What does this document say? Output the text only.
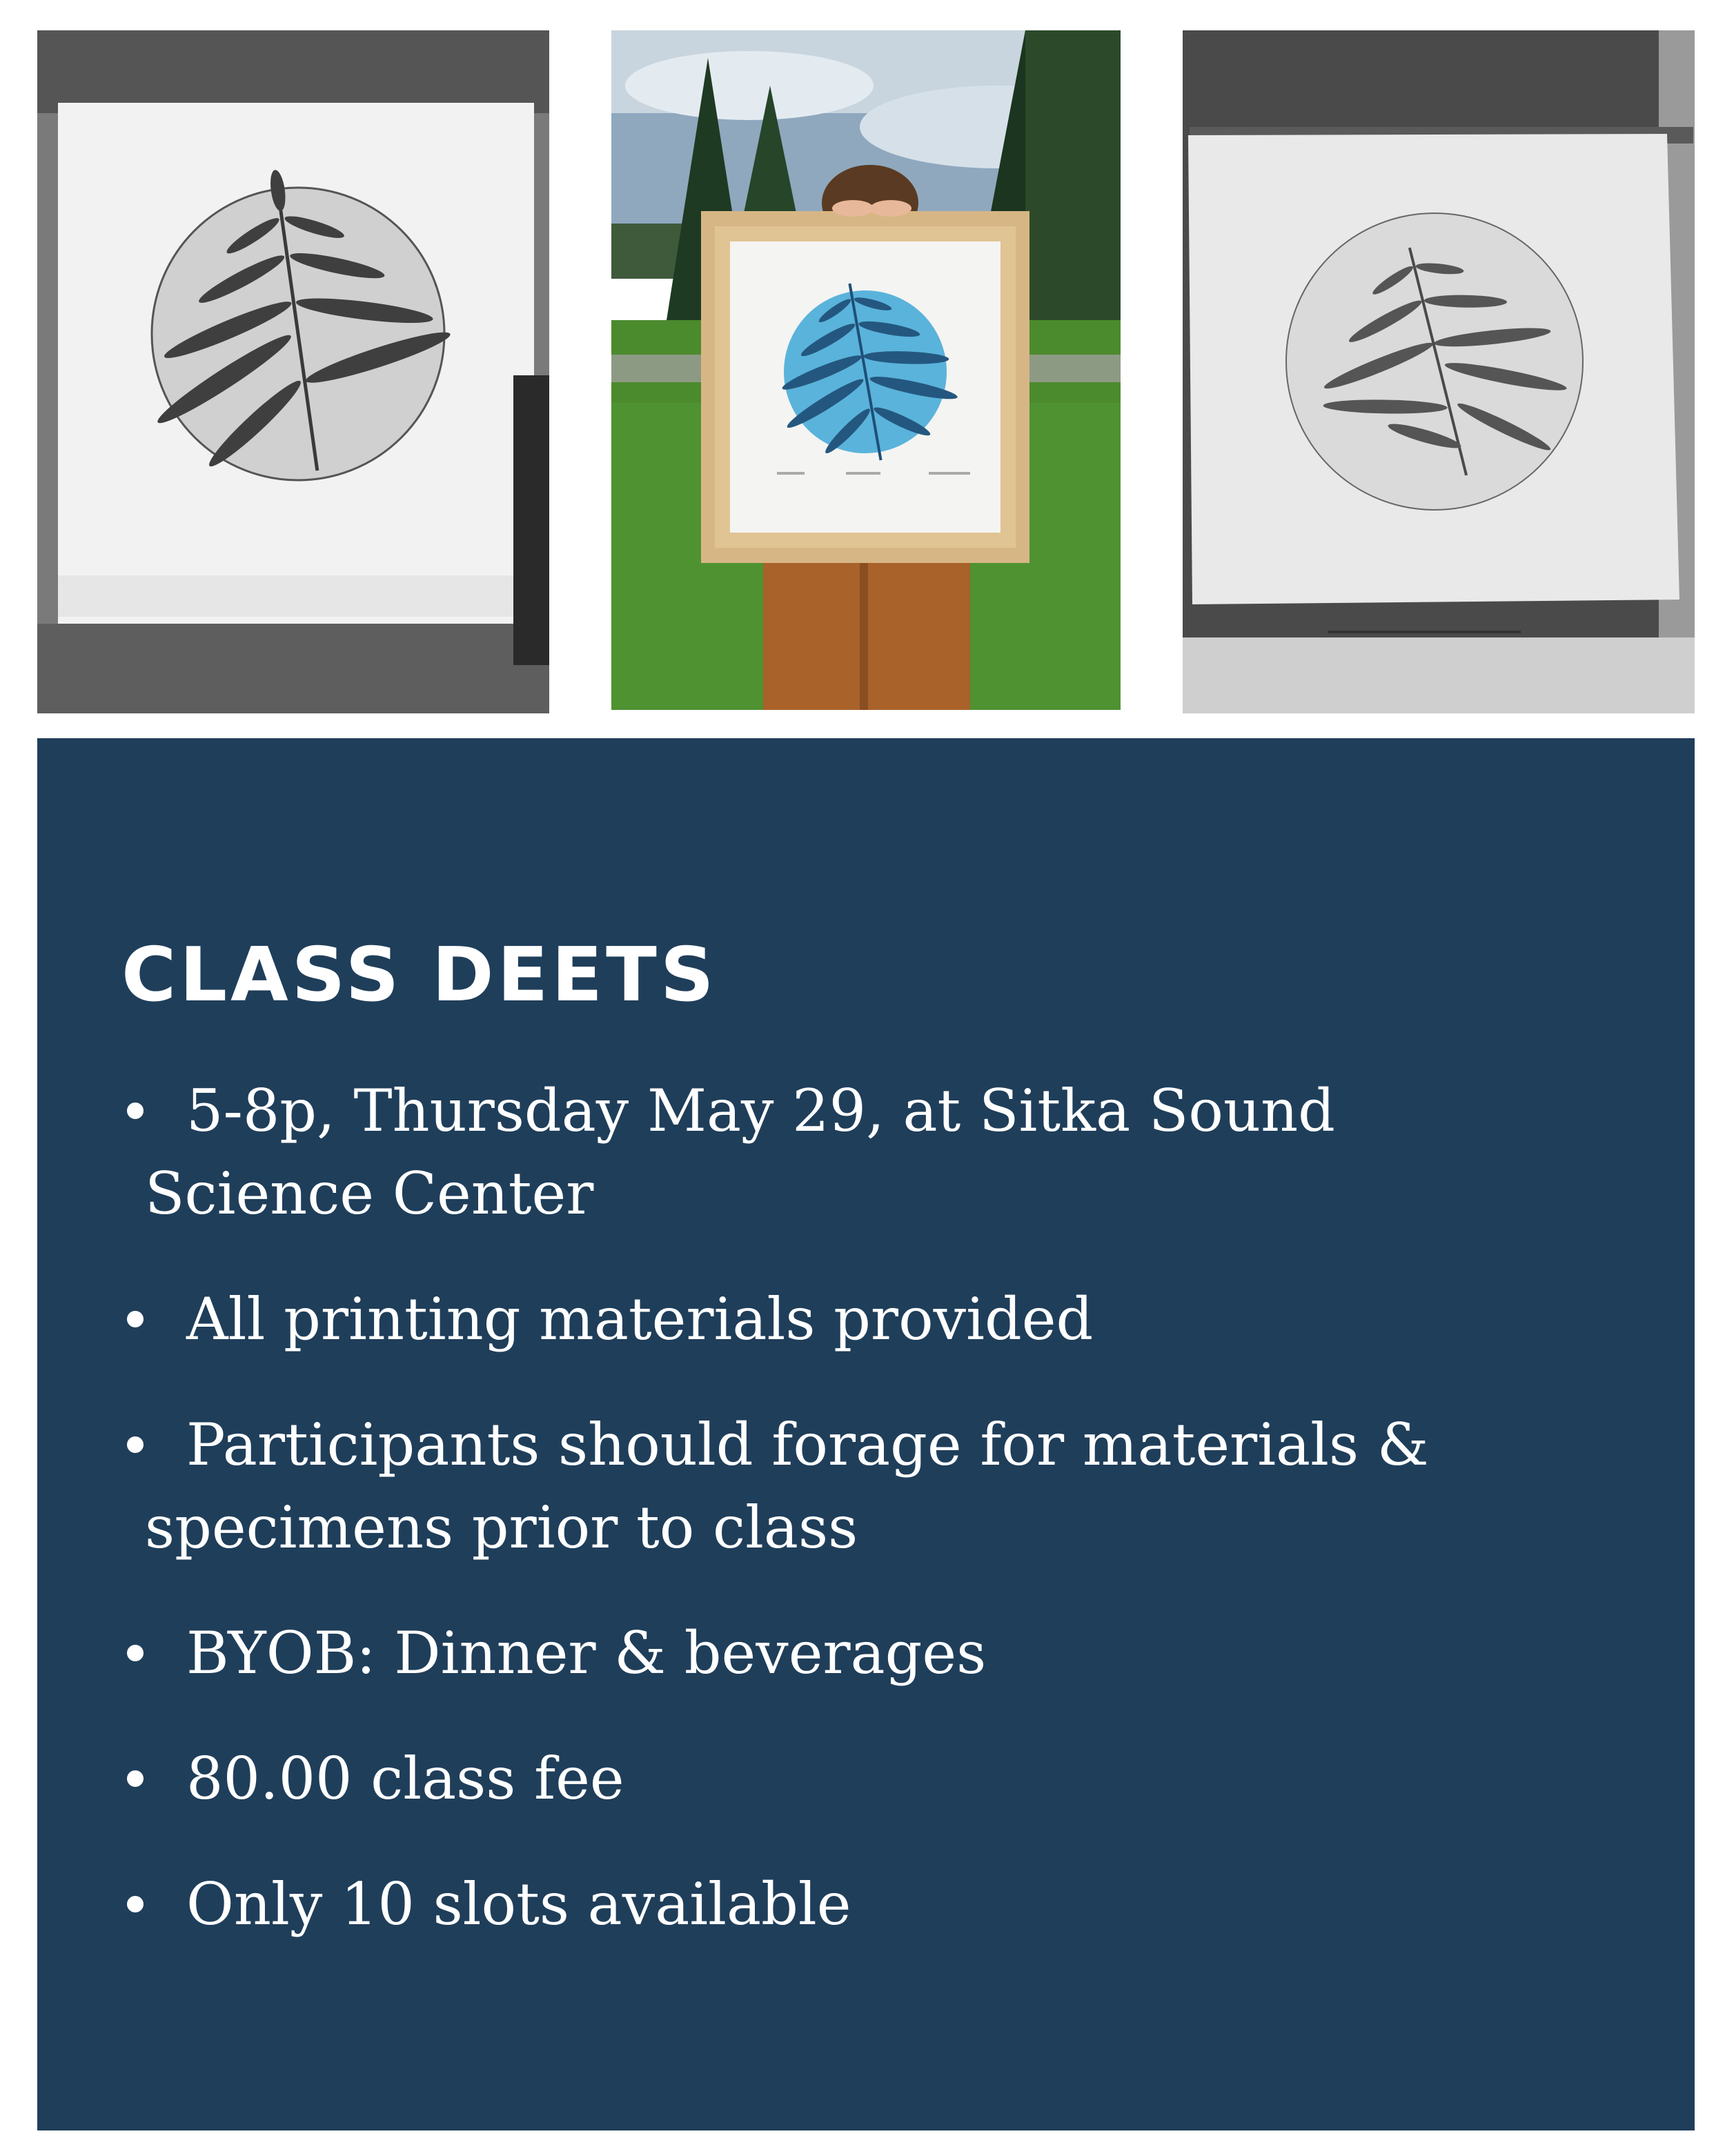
CLASS DEETS
5-8p, Thursday May 29, at Sitka Sound
Science Center
All printing materials provided
Participants should forage for materials &
specimens prior to class
BYOB: Dinner & beverages
80.00 class fee
Only 10 slots available
